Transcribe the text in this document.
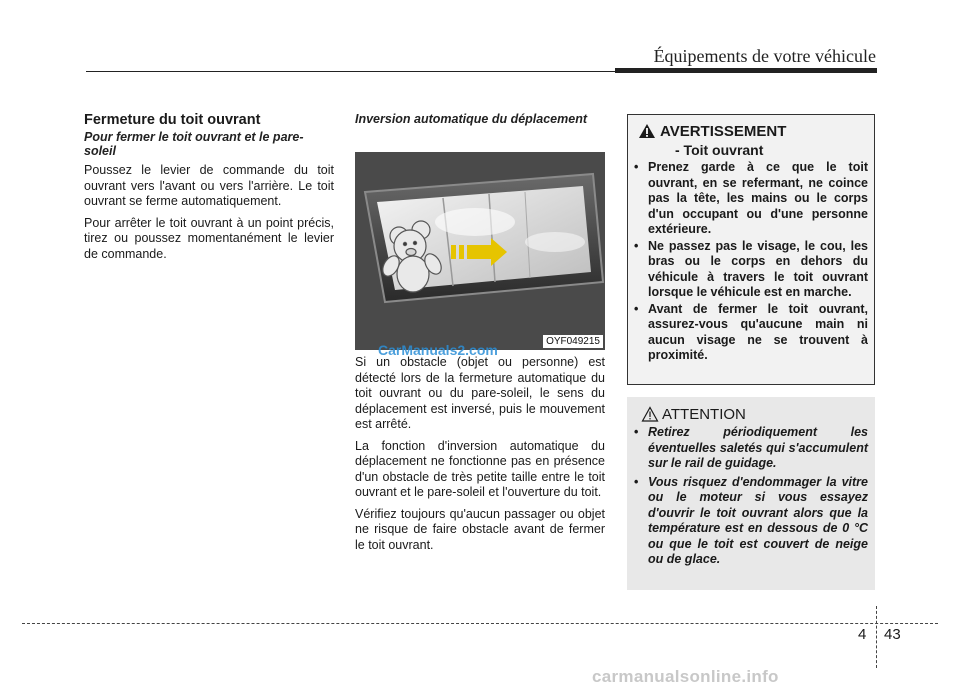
Équipements de votre véhicule
Fermeture du toit ouvrant
Pour fermer le toit ouvrant et le pare-soleil

Poussez le levier de commande du toit ouvrant vers l'avant ou vers l'arrière. Le toit ouvrant se ferme automatiquement.

Pour arrêter le toit ouvrant à un point précis, tirez ou poussez momentanément le levier de commande.

Inversion automatique du déplacement
OYF049215
CarManuals2.com

Si un obstacle (objet ou personne) est détecté lors de la fermeture automatique du toit ouvrant ou du pare-soleil, le sens du déplacement est inversé, puis le mouvement est arrêté.

La fonction d'inversion automatique du déplacement ne fonctionne pas en présence d'un obstacle de très petite taille entre le toit ouvrant et le pare-soleil et l'ouverture du toit.

Vérifiez toujours qu'aucun passager ou objet ne risque de faire obstacle avant de fermer le toit ouvrant.

AVERTISSEMENT
- Toit ouvrant
• Prenez garde à ce que le toit ouvrant, en se refermant, ne coince pas la tête, les mains ou le corps d'un occupant ou d'une personne extérieure.
• Ne passez pas le visage, le cou, les bras ou le corps en dehors du véhicule à travers le toit ouvrant lorsque le véhicule est en marche.
• Avant de fermer le toit ouvrant, assurez-vous qu'aucune main ni aucun visage ne se trouvent à proximité.
ATTENTION
• Retirez périodiquement les éventuelles saletés qui s'accumulent sur le rail de guidage.
• Vous risquez d'endommager la vitre ou le moteur si vous essayez d'ouvrir le toit ouvrant alors que la température est en dessous de 0 °C ou que le toit est couvert de neige ou de glace.
4 43
carmanualsonline.info
